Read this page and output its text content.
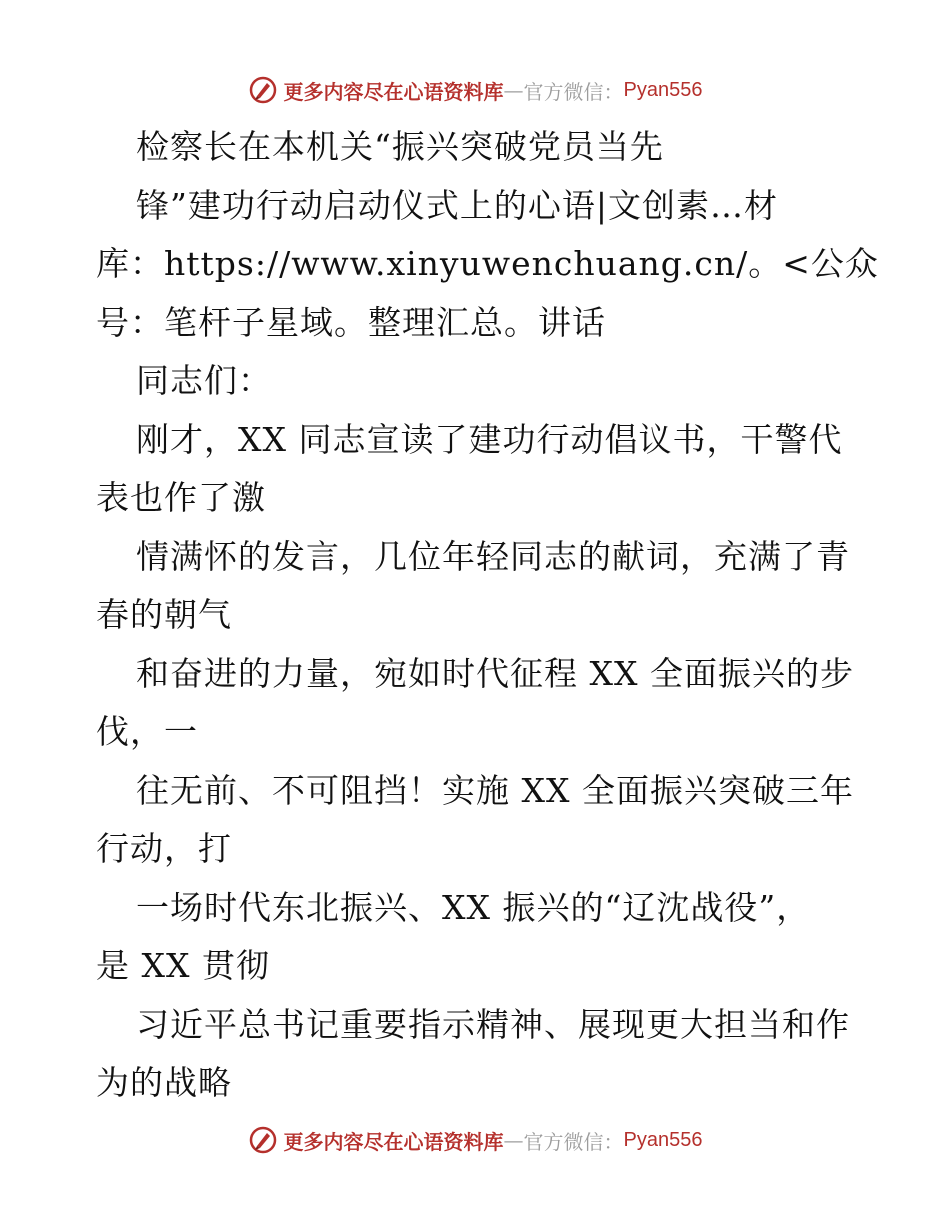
更多内容尽在心语资料库 — 官方微信： Pyan556
检察长在本机关“振兴突破党员当先
锋”建功行动启动仪式上的心语|文创素…材
库：https://www.xinyuwenchuang.cn/。<公众
号：笔杆子星域。整理汇总。讲话
同志们：
刚才，XX 同志宣读了建功行动倡议书，干警代
表也作了激
情满怀的发言，几位年轻同志的献词，充满了青
春的朝气
和奋进的力量，宛如时代征程 XX 全面振兴的步
伐，一
往无前、不可阻挡！实施 XX 全面振兴突破三年
行动，打
一场时代东北振兴、XX 振兴的“辽沈战役”，
是 XX 贯彻
习近平总书记重要指示精神、展现更大担当和作
为的战略
更多内容尽在心语资料库 — 官方微信： Pyan556
